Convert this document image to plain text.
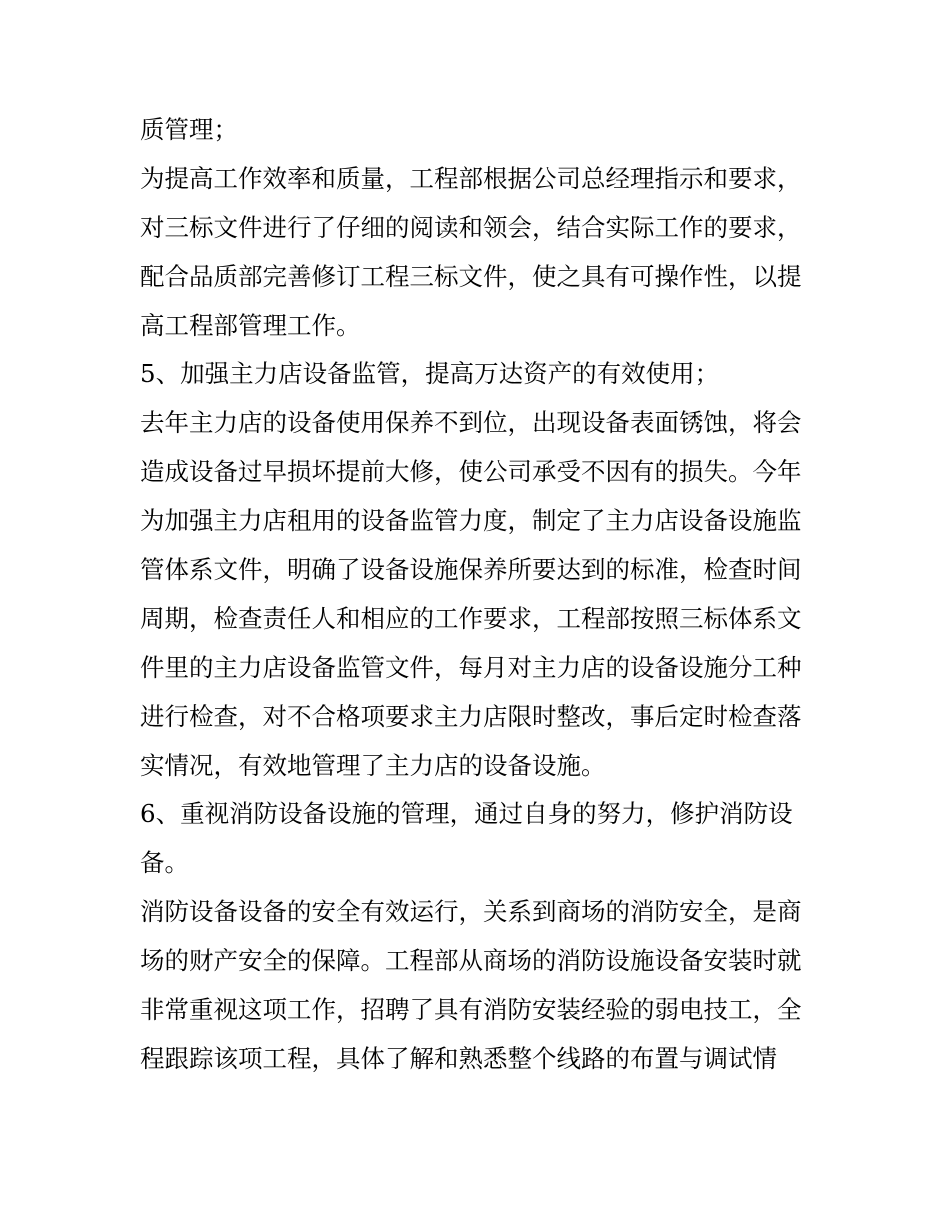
质管理；
为提高工作效率和质量，工程部根据公司总经理指示和要求，
对三标文件进行了仔细的阅读和领会，结合实际工作的要求，
配合品质部完善修订工程三标文件，使之具有可操作性，以提
高工程部管理工作。
5、加强主力店设备监管，提高万达资产的有效使用；
去年主力店的设备使用保养不到位，出现设备表面锈蚀，将会
造成设备过早损坏提前大修，使公司承受不因有的损失。今年
为加强主力店租用的设备监管力度，制定了主力店设备设施监
管体系文件，明确了设备设施保养所要达到的标准，检查时间
周期，检查责任人和相应的工作要求，工程部按照三标体系文
件里的主力店设备监管文件，每月对主力店的设备设施分工种
进行检查，对不合格项要求主力店限时整改，事后定时检查落
实情况，有效地管理了主力店的设备设施。
6、重视消防设备设施的管理，通过自身的努力，修护消防设
备。
消防设备设备的安全有效运行，关系到商场的消防安全，是商
场的财产安全的保障。工程部从商场的消防设施设备安装时就
非常重视这项工作，招聘了具有消防安装经验的弱电技工，全
程跟踪该项工程，具体了解和熟悉整个线路的布置与调试情
